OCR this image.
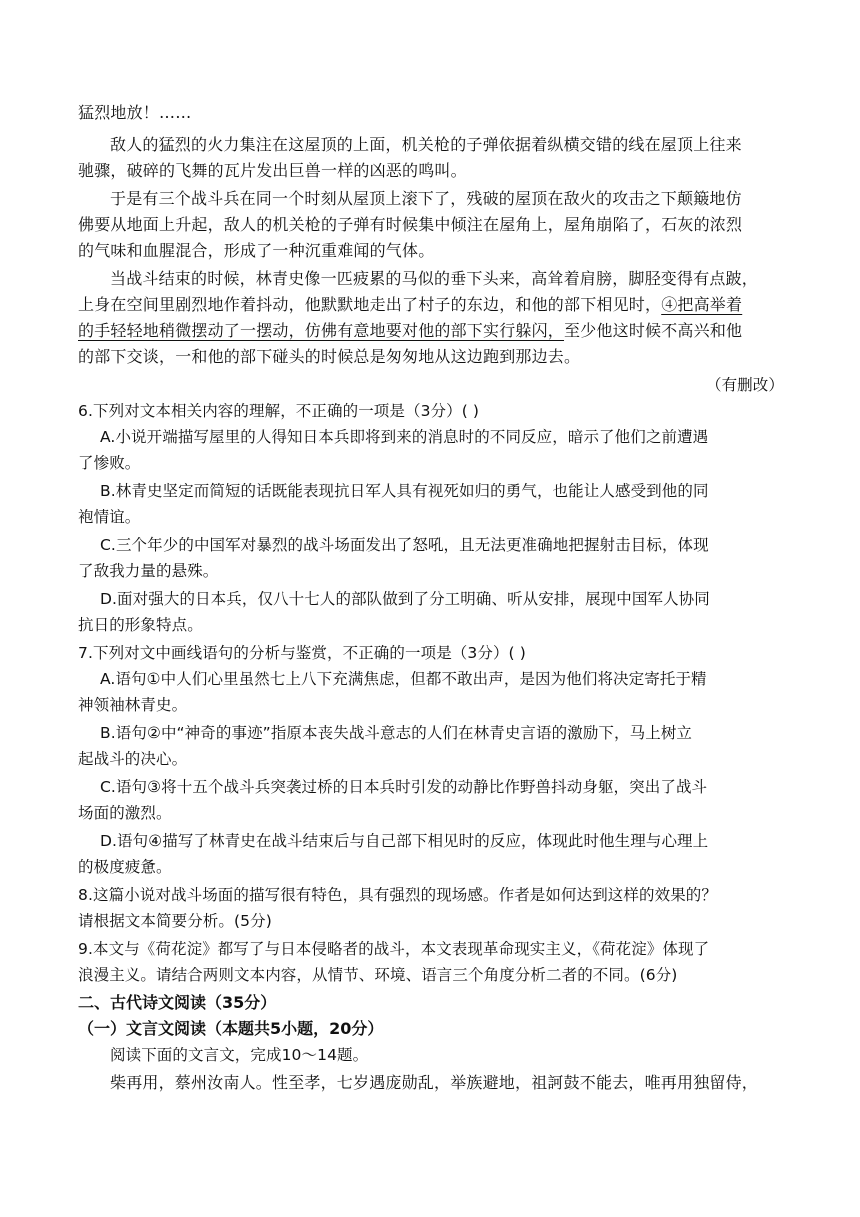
猛烈地放！……
敌人的猛烈的火力集注在这屋顶的上面，机关枪的子弹依据着纵横交错的线在屋顶上往来
驰骤，破碎的飞舞的瓦片发出巨兽一样的凶恶的鸣叫。
于是有三个战斗兵在同一个时刻从屋顶上滚下了，残破的屋顶在敌火的攻击之下颠簸地仿
佛要从地面上升起，敌人的机关枪的子弹有时候集中倾注在屋角上，屋角崩陷了，石灰的浓烈
的气味和血腥混合，形成了一种沉重难闻的气体。
当战斗结束的时候，林青史像一匹疲累的马似的垂下头来，高耸着肩膀，脚胫变得有点跛，
上身在空间里剧烈地作着抖动，他默默地走出了村子的东边，和他的部下相见时，④把高举着
的手轻轻地稍微摆动了一摆动，仿佛有意地要对他的部下实行躲闪，至少他这时候不高兴和他
的部下交谈，一和他的部下碰头的时候总是匆匆地从这边跑到那边去。
（有删改）
6.下列对文本相关内容的理解，不正确的一项是（3分）( )
A.小说开端描写屋里的人得知日本兵即将到来的消息时的不同反应，暗示了他们之前遭遇
了惨败。
B.林青史坚定而简短的话既能表现抗日军人具有视死如归的勇气，也能让人感受到他的同
袍情谊。
C.三个年少的中国军对暴烈的战斗场面发出了怒吼，且无法更准确地把握射击目标，体现
了敌我力量的悬殊。
D.面对强大的日本兵，仅八十七人的部队做到了分工明确、听从安排，展现中国军人协同
抗日的形象特点。
7.下列对文中画线语句的分析与鉴赏，不正确的一项是（3分）( )
A.语句①中人们心里虽然七上八下充满焦虑，但都不敢出声，是因为他们将决定寄托于精
神领袖林青史。
B.语句②中“神奇的事迹”指原本丧失战斗意志的人们在林青史言语的激励下，马上树立
起战斗的决心。
C.语句③将十五个战斗兵突袭过桥的日本兵时引发的动静比作野兽抖动身躯，突出了战斗
场面的激烈。
D.语句④描写了林青史在战斗结束后与自己部下相见时的反应，体现此时他生理与心理上
的极度疲惫。
8.这篇小说对战斗场面的描写很有特色，具有强烈的现场感。作者是如何达到这样的效果的？
请根据文本简要分析。(5分)
9.本文与《荷花淀》都写了与日本侵略者的战斗，本文表现革命现实主义，《荷花淀》体现了
浪漫主义。请结合两则文本内容，从情节、环境、语言三个角度分析二者的不同。(6分)
二、古代诗文阅读（35分）
（一）文言文阅读（本题共5小题，20分）
阅读下面的文言文，完成10～14题。
柴再用，蔡州汝南人。性至孝，七岁遇庞勋乱，举族避地，祖訶鼓不能去，唯再用独留侍，
